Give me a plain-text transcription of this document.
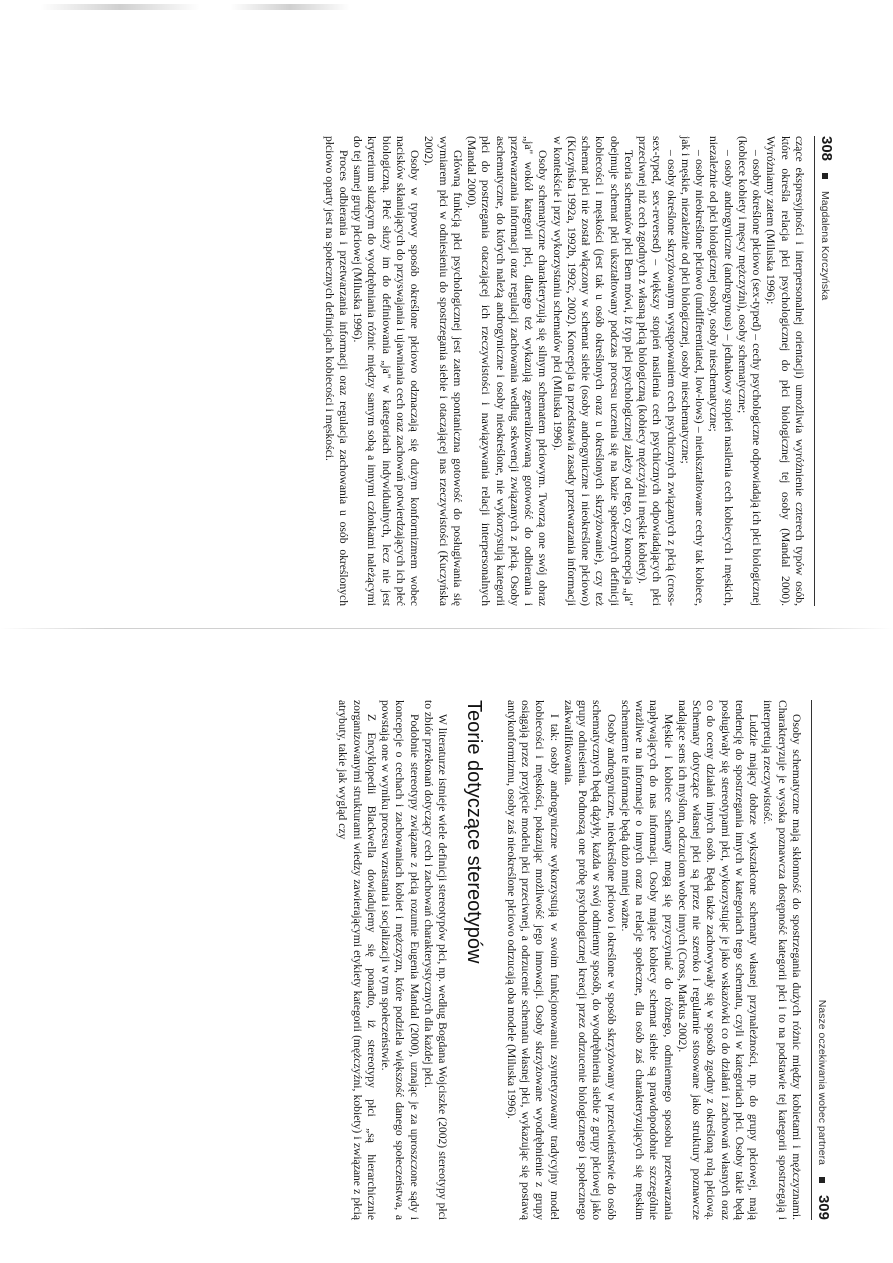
308
Magdalena Korczyńska

czące ekspresyjności i interpersonalnej orientacji) umożliwia wyróżnienie czterech typów osób, które określa relacja płci psychologicznej do płci biologicznej tej osoby (Mandal 2000). Wyróżniamy zatem (Miluska 1996):

– osoby określone płciowo (sex-typed) – cechy psychologiczne odpowiadają ich płci biologicznej (kobiece kobiety i męscy mężczyźni), osoby schematyczne;

– osoby androgyniczne (androgynous) – jednakowy stopień nasilenia cech kobiecych i męskich, niezależnie od płci biologicznej osoby, osoby nieschematyczne;

– osoby nieokreślone płciowo (undifferentiated, low-lows) – nieukształtowane cechy tak kobiece, jak i męskie, niezależnie od płci biologicznej, osoby nieschematyczne;

– osoby określone skrzyżowanym występowaniem cech psychicznych związanych z płcią (cross-sex-typed, sex-reversed) – większy stopień nasilenia cech psychicznych odpowiadających płci przeciwnej niż cech zgodnych z własną płcią biologiczną (kobiecy mężczyźni i męskie kobiety).

Teoria schematów płci Bem mówi, iż typ płci psychologicznej zależy od tego, czy koncepcja „ja" obejmuje schemat płci ukształtowany podczas procesu uczenia się na bazie społecznych definicji kobiecości i męskości (jest tak u osób określonych oraz u określonych skrzyżowanie), czy też schemat płci nie został włączony w schemat siebie (osoby androgyniczne i nieokreślone płciowo) (Kiczyńska 1992a, 1992b, 1992c, 2002). Koncepcja ta przedstawia zasady przetwarzania informacji w kontekście i przy wykorzystaniu schematów płci (Miluska 1996).

Osoby schematyczne charakteryzują się silnym schematem płciowym. Tworzą one swój obraz „ja" wokół kategorii płci, dlatego też wykazują zgeneralizowaną gotowość do odbierania i przetwarzania informacji oraz regulacji zachowania według sekwencji związanych z płcią. Osoby aschematyczne, do których należą androgyniczne i osoby nieokreślone, nie wykorzystują kategorii płci do postrzegania otaczającej ich rzeczywistości i nawiązywania relacji interpersonalnych (Mandal 2000).

Główną funkcją płci psychologicznej jest zatem spontaniczna gotowość do posługiwania się wymiarem płci w odniesieniu do spostrzegania siebie i otaczającej nas rzeczywistości (Kuczyńska 2002).

Osoby w typowy sposób określone płciowo odznaczają się dużym konformizmem wobec nacisków skłaniających do przyswajania i ujawniania cech oraz zachowań potwierdzających ich płeć biologiczną. Płeć służy im do definiowania „ja" w kategoriach indywidualnych, lecz nie jest kryterium służącym do wyodrębniania różnic między samym sobą a innymi członkami należącymi do tej samej grupy płciowej (Miluska 1996).

Proces odbierania i przetwarzania informacji oraz regulacja zachowania u osób określonych płciowo oparty jest na społecznych definicjach kobiecości i męskości.

Nasze oczekiwania wobec partnera
309

Osoby schematyczne mają skłonność do spostrzegania dużych różnic między kobietami i mężczyznami. Charakteryzuje je wysoka poznawcza dostępność kategorii płci i to na podstawie tej kategorii spostrzegają i interpretują rzeczywistość.

Ludzie mający dobrze wykształcone schematy własnej przynależności, np. do grupy płciowej, mają tendencję do spostrzegania innych w kategoriach tego schematu, czyli w kategoriach płci. Osoby takie będą posługiwały się stereotypami płci, wykorzystując je jako wskazówki co do działań i zachowań własnych oraz co do oceny działań innych osób. Będą także zachowywały się w sposób zgodny z określoną rolą płciową. Schematy dotyczące własnej płci są przez nie szeroko i regularnie stosowane jako struktury poznawcze nadające sens ich myślom, odczuciom wobec innych (Cross, Markus 2002).

Męskie i kobiece schematy mogą się przyczyniać do różnego, odmiennego sposobu przetwarzania napływających do nas informacji. Osoby mające kobiecy schemat siebie są prawdopodobnie szczególnie wrażliwe na informacje o innych oraz na relacje społeczne, dla osób zaś charakteryzujących się męskim schematem te informacje będą dużo mniej ważne.

Osoby androgyniczne, nieokreślone płciowo i określone w sposób skrzyżowany w przeciwieństwie do osób schematycznych będą dążyły, każda w swój odmienny sposób, do wyodrębnienia siebie z grupy płciowej jako grupy odniesienia. Podnoszą one próbę psychologicznej kreacji przez odrzucenie biologicznego i społecznego zakwalifikowania.

I tak: osoby androgyniczne wykorzystują w swoim funkcjonowaniu zsyntetyzowany tradycyjny model kobiecości i męskości, pokazując możliwość jego innowacji. Osoby skrzyżowane wyodrębnienie z grupy osiągają przez przyjęcie modelu płci przeciwnej, a odrzucenie schematu własnej płci, wykazując się postawą antykonformizmu, osoby zaś nieokreślone płciowo odrzucają oba modele (Miluska 1996).

Teorie dotyczące stereotypów

W literaturze istnieje wiele definicji stereotypów płci, np. według Bogdana Wojciszke (2002) stereotypy płci to zbiór przekonań dotyczący cech i zachowań charakterystycznych dla każdej płci.

Podobnie stereotypy związane z płcią rozumie Eugenia Mandal (2000), uznając je za uproszczone sądy i koncepcje o cechach i zachowaniach kobiet i mężczyzn, które podziela większość danego społeczeństwa, a powstają one w wyniku procesu wzrastania i socjalizacji w tym społeczeństwie.

Z Encyklopedii Blackwella dowiadujemy się ponadto, iż stereotypy płci „są hierarchicznie zorganizowanymi strukturami wiedzy zawierającymi etykiety kategorii (mężczyźni, kobiety) i związane z płcią atrybuty, takie jak wygląd czy
